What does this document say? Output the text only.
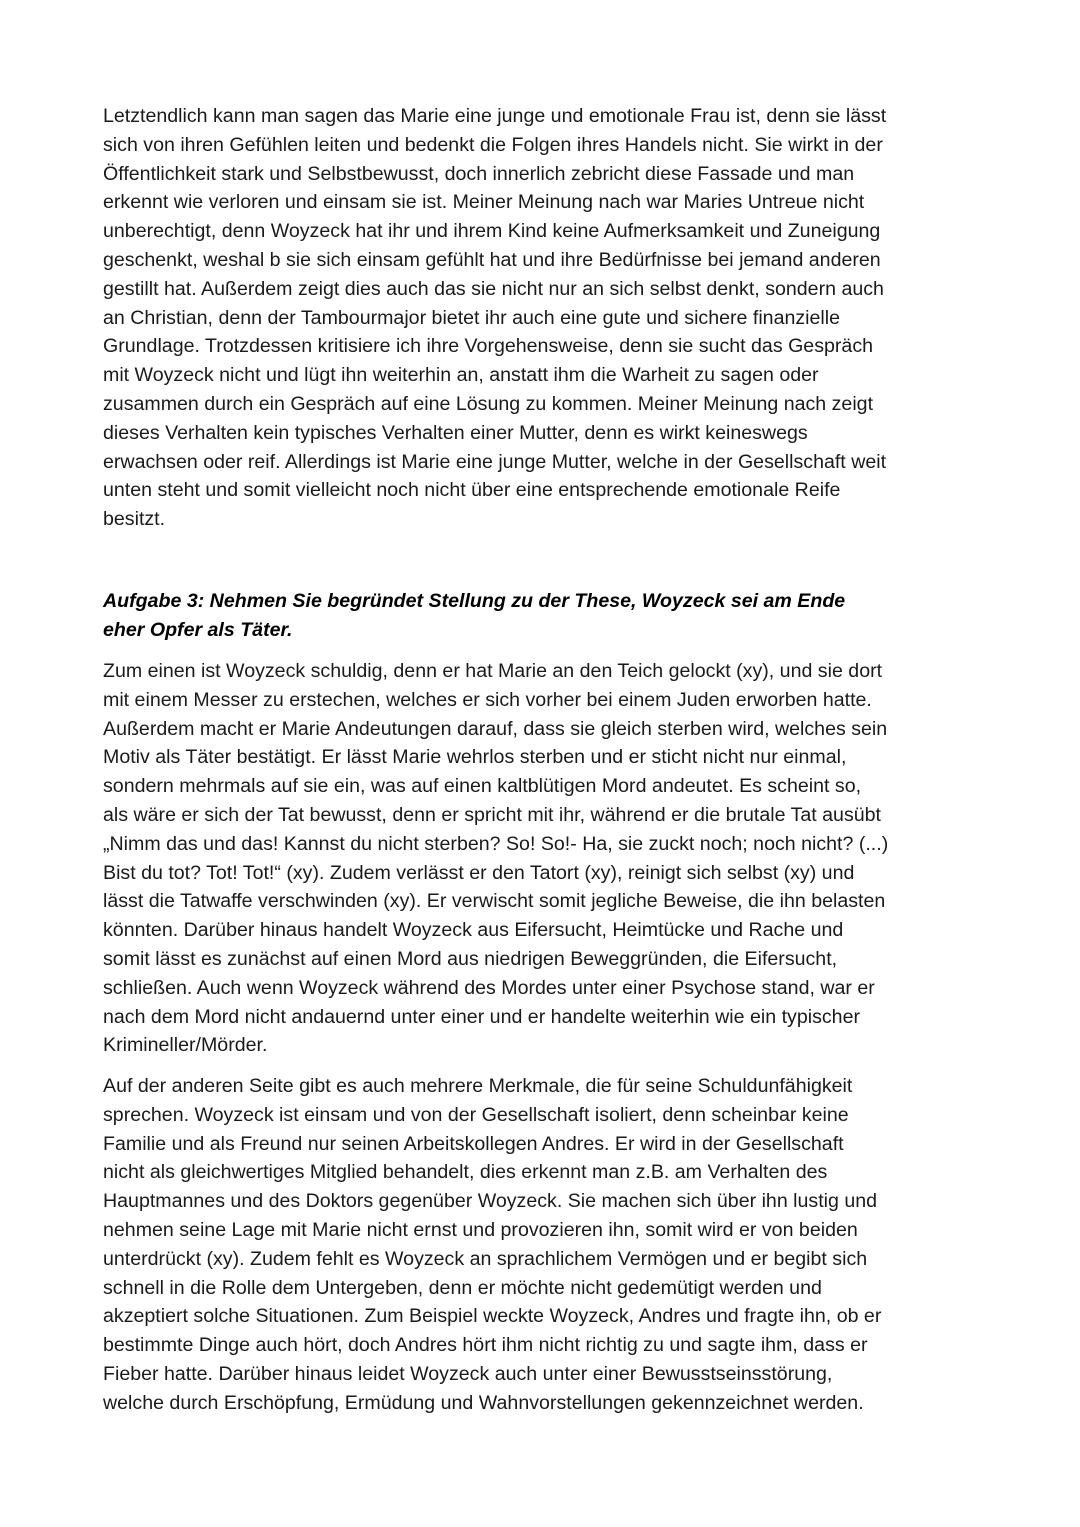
Letztendlich kann man sagen das Marie eine junge und emotionale Frau ist, denn sie lässt
sich von ihren Gefühlen leiten und bedenkt die Folgen ihres Handels nicht. Sie wirkt in der
Öffentlichkeit stark und Selbstbewusst, doch innerlich zebricht diese Fassade und man
erkennt wie verloren und einsam sie ist. Meiner Meinung nach war Maries Untreue nicht
unberechtigt, denn Woyzeck hat ihr und ihrem Kind keine Aufmerksamkeit und Zuneigung
geschenkt, weshal b sie sich einsam gefühlt hat und ihre Bedürfnisse bei jemand anderen
gestillt hat. Außerdem zeigt dies auch das sie nicht nur an sich selbst denkt, sondern auch
an Christian, denn der Tambourmajor bietet ihr auch eine gute und sichere finanzielle
Grundlage. Trotzdessen kritisiere ich ihre Vorgehensweise, denn sie sucht das Gespräch
mit Woyzeck nicht und lügt ihn weiterhin an, anstatt ihm die Warheit zu sagen oder
zusammen durch ein Gespräch auf eine Lösung zu kommen. Meiner Meinung nach zeigt
dieses Verhalten kein typisches Verhalten einer Mutter, denn es wirkt keineswegs
erwachsen oder reif. Allerdings ist Marie eine junge Mutter, welche in der Gesellschaft weit
unten steht und somit vielleicht noch nicht über eine entsprechende emotionale Reife
besitzt.
Aufgabe 3: Nehmen Sie begründet Stellung zu der These, Woyzeck sei am Ende
eher Opfer als Täter.
Zum einen ist Woyzeck schuldig, denn er hat Marie an den Teich gelockt (xy), und sie dort
mit einem Messer zu erstechen, welches er sich vorher bei einem Juden erworben hatte.
Außerdem macht er Marie Andeutungen darauf, dass sie gleich sterben wird, welches sein
Motiv als Täter bestätigt. Er lässt Marie wehrlos sterben und er sticht nicht nur einmal,
sondern mehrmals auf sie ein, was auf einen kaltblütigen Mord andeutet. Es scheint so,
als wäre er sich der Tat bewusst, denn er spricht mit ihr, während er die brutale Tat ausübt
„Nimm das und das! Kannst du nicht sterben? So! So!- Ha, sie zuckt noch; noch nicht? (...)
Bist du tot? Tot! Tot!“ (xy). Zudem verlässt er den Tatort (xy), reinigt sich selbst (xy) und
lässt die Tatwaffe verschwinden (xy). Er verwischt somit jegliche Beweise, die ihn belasten
könnten. Darüber hinaus handelt Woyzeck aus Eifersucht, Heimtücke und Rache und
somit lässt es zunächst auf einen Mord aus niedrigen Beweggründen, die Eifersucht,
schließen. Auch wenn Woyzeck während des Mordes unter einer Psychose stand, war er
nach dem Mord nicht andauernd unter einer und er handelte weiterhin wie ein typischer
Krimineller/Mörder.
Auf der anderen Seite gibt es auch mehrere Merkmale, die für seine Schuldunfähigkeit
sprechen. Woyzeck ist einsam und von der Gesellschaft isoliert, denn scheinbar keine
Familie und als Freund nur seinen Arbeitskollegen Andres. Er wird in der Gesellschaft
nicht als gleichwertiges Mitglied behandelt, dies erkennt man z.B. am Verhalten des
Hauptmannes und des Doktors gegenüber Woyzeck. Sie machen sich über ihn lustig und
nehmen seine Lage mit Marie nicht ernst und provozieren ihn, somit wird er von beiden
unterdrückt (xy). Zudem fehlt es Woyzeck an sprachlichem Vermögen und er begibt sich
schnell in die Rolle dem Untergeben, denn er möchte nicht gedemütigt werden und
akzeptiert solche Situationen. Zum Beispiel weckte Woyzeck, Andres und fragte ihn, ob er
bestimmte Dinge auch hört, doch Andres hört ihm nicht richtig zu und sagte ihm, dass er
Fieber hatte. Darüber hinaus leidet Woyzeck auch unter einer Bewusstseinsstörung,
welche durch Erschöpfung, Ermüdung und Wahnvorstellungen gekennzeichnet werden.
